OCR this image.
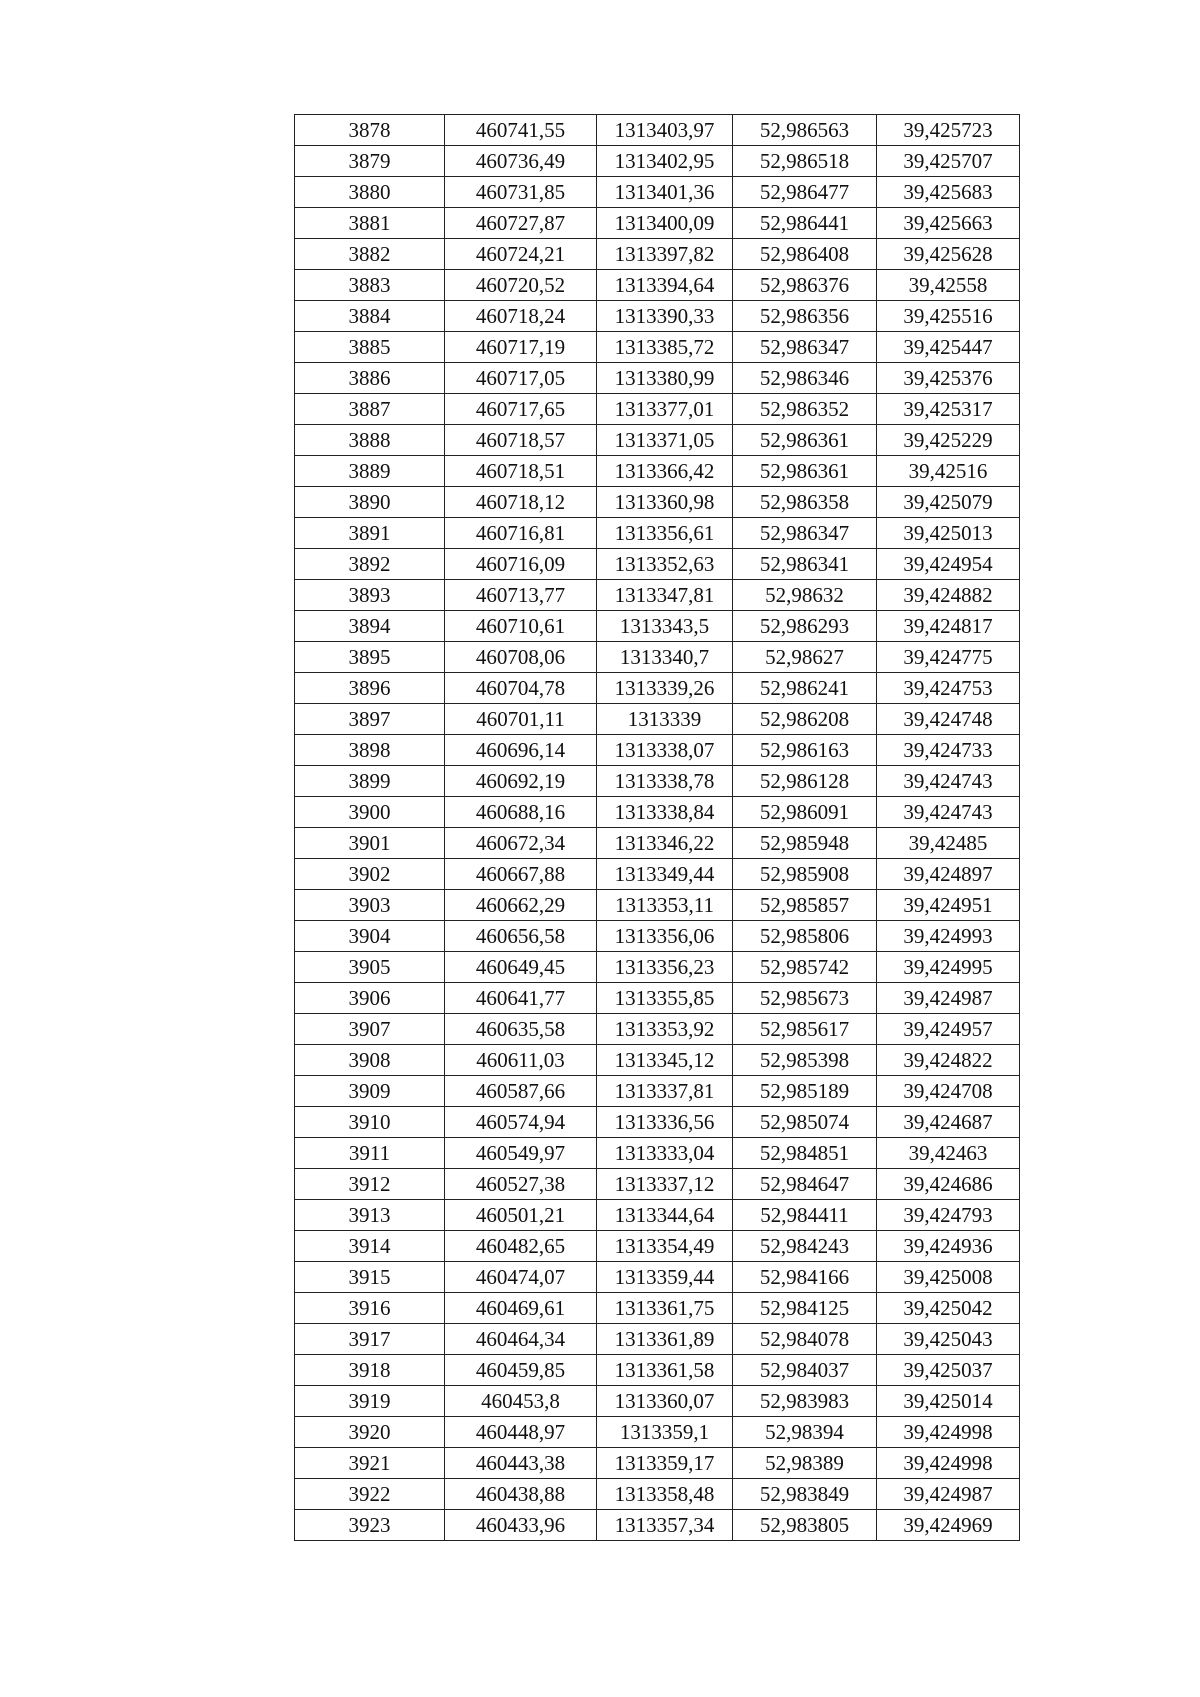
3878	460741,55	1313403,97	52,986563	39,425723
3879	460736,49	1313402,95	52,986518	39,425707
3880	460731,85	1313401,36	52,986477	39,425683
3881	460727,87	1313400,09	52,986441	39,425663
3882	460724,21	1313397,82	52,986408	39,425628
3883	460720,52	1313394,64	52,986376	39,42558
3884	460718,24	1313390,33	52,986356	39,425516
3885	460717,19	1313385,72	52,986347	39,425447
3886	460717,05	1313380,99	52,986346	39,425376
3887	460717,65	1313377,01	52,986352	39,425317
3888	460718,57	1313371,05	52,986361	39,425229
3889	460718,51	1313366,42	52,986361	39,42516
3890	460718,12	1313360,98	52,986358	39,425079
3891	460716,81	1313356,61	52,986347	39,425013
3892	460716,09	1313352,63	52,986341	39,424954
3893	460713,77	1313347,81	52,98632	39,424882
3894	460710,61	1313343,5	52,986293	39,424817
3895	460708,06	1313340,7	52,98627	39,424775
3896	460704,78	1313339,26	52,986241	39,424753
3897	460701,11	1313339	52,986208	39,424748
3898	460696,14	1313338,07	52,986163	39,424733
3899	460692,19	1313338,78	52,986128	39,424743
3900	460688,16	1313338,84	52,986091	39,424743
3901	460672,34	1313346,22	52,985948	39,42485
3902	460667,88	1313349,44	52,985908	39,424897
3903	460662,29	1313353,11	52,985857	39,424951
3904	460656,58	1313356,06	52,985806	39,424993
3905	460649,45	1313356,23	52,985742	39,424995
3906	460641,77	1313355,85	52,985673	39,424987
3907	460635,58	1313353,92	52,985617	39,424957
3908	460611,03	1313345,12	52,985398	39,424822
3909	460587,66	1313337,81	52,985189	39,424708
3910	460574,94	1313336,56	52,985074	39,424687
3911	460549,97	1313333,04	52,984851	39,42463
3912	460527,38	1313337,12	52,984647	39,424686
3913	460501,21	1313344,64	52,984411	39,424793
3914	460482,65	1313354,49	52,984243	39,424936
3915	460474,07	1313359,44	52,984166	39,425008
3916	460469,61	1313361,75	52,984125	39,425042
3917	460464,34	1313361,89	52,984078	39,425043
3918	460459,85	1313361,58	52,984037	39,425037
3919	460453,8	1313360,07	52,983983	39,425014
3920	460448,97	1313359,1	52,98394	39,424998
3921	460443,38	1313359,17	52,98389	39,424998
3922	460438,88	1313358,48	52,983849	39,424987
3923	460433,96	1313357,34	52,983805	39,424969
